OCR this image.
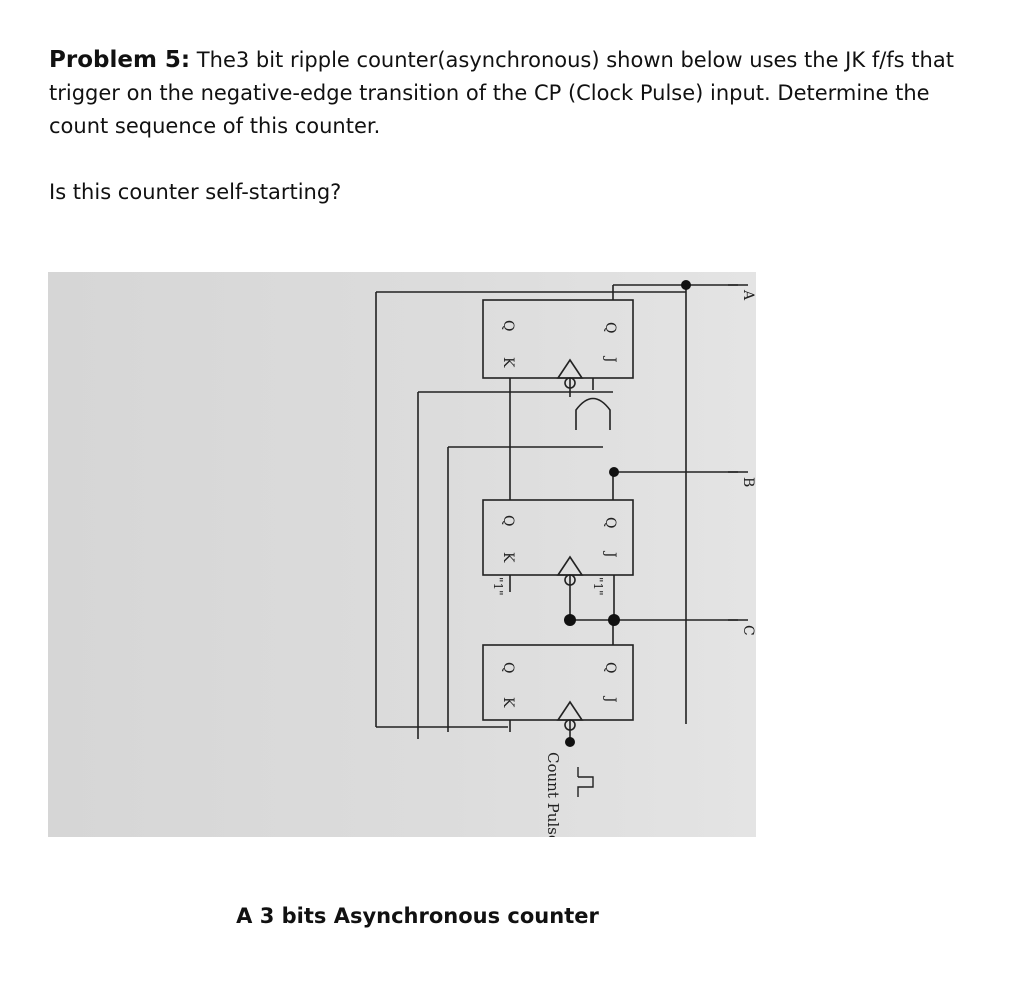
Problem 5: The3 bit ripple counter(asynchronous) shown below uses the JK f/fs that trigger on the negative-edge transition of the CP (Clock Pulse) input. Determine the count sequence of this counter.
Is this counter self-starting?
Q
Q
J
K
Q
Q
J
K
Q
Q
J
K
"1"
"1"
A
B
C
Count Pulse
A 3 bits Asynchronous counter
